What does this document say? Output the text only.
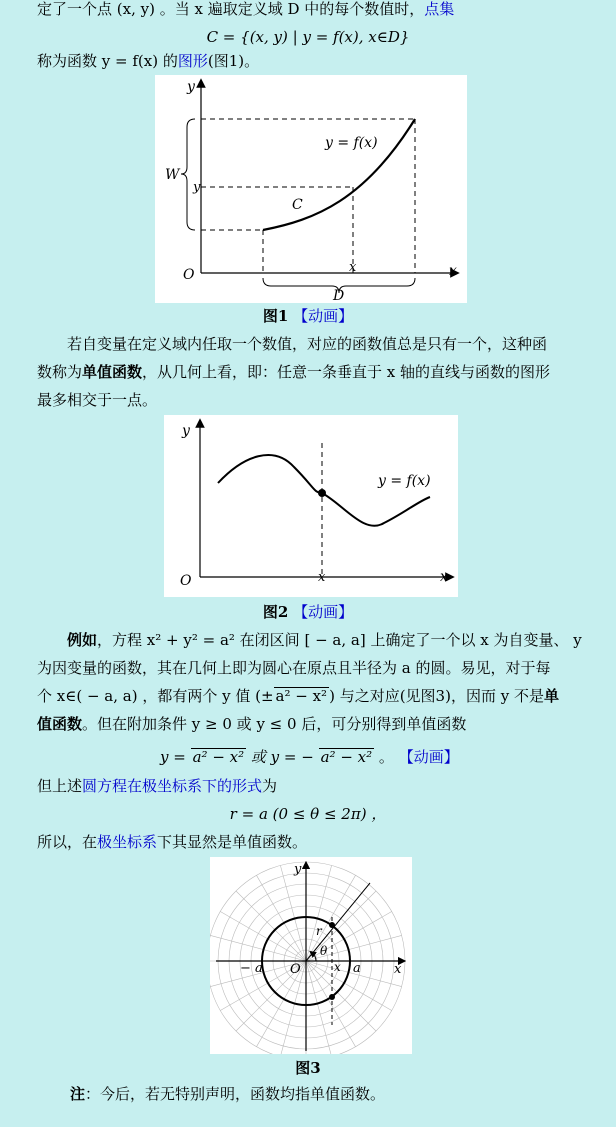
定了一个点 (x, y) 。当 x 遍取定义域 D 中的每个数值时，点集
C = {(x, y) | y = f(x), x∈D}
称为函数 y = f(x) 的图形(图1)。
y
x
O
W
y
x
C
D
y = f(x)
图1 【动画】
若自变量在定义域内任取一个数值，对应的函数值总是只有一个，这种函
数称为单值函数，从几何上看，即：任意一条垂直于 x 轴的直线与函数的图形
最多相交于一点。
y
x
O	x
y = f(x)
图2 【动画】
例如，方程 x² + y² = a² 在闭区间 [ − a, a] 上确定了一个以 x 为自变量、 y
为因变量的函数，其在几何上即为圆心在原点且半径为 a 的圆。易见，对于每
个 x∈( − a, a) ，都有两个 y 值 (± a² − x² ) 与之对应(见图3)，因而 y 不是单
值函数。但在附加条件 y ≥ 0 或 y ≤ 0 后，可分别得到单值函数
y = a² − x² 或 y = − a² − x² 。 【动画】
但上述圆方程在极坐标系下的形式为
r = a (0 ≤ θ ≤ 2π) ，
所以，在极坐标系下其显然是单值函数。
y
x
O
− a	a
r
θ
x
图3
注：今后，若无特别声明，函数均指单值函数。
